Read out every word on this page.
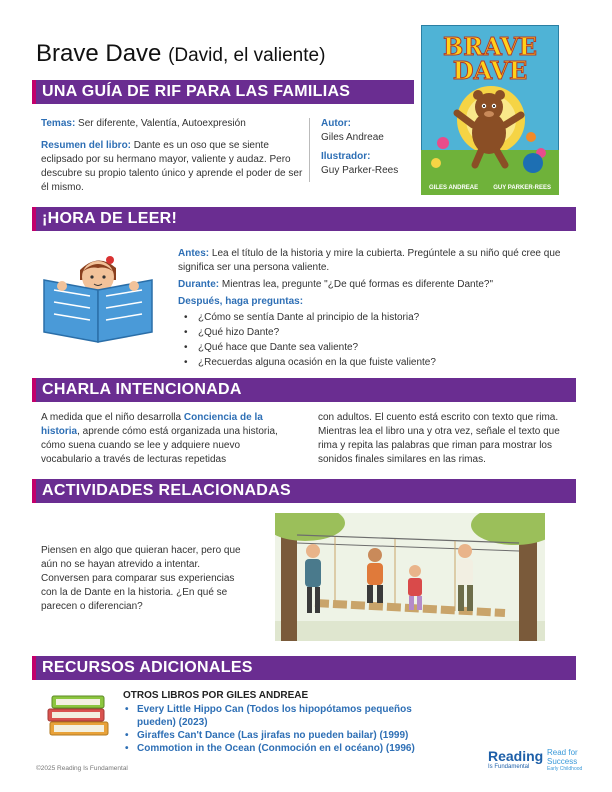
Brave Dave (David, el valiente)	BRAVE
DAVE
GILES ANDREAE	GUY PARKER-REES
UNA GUÍA DE RIF PARA LAS FAMILIAS
Temas: Ser diferente, Valentía, Autoexpresión
Resumen del libro: Dante es un oso que se siente eclipsado por su hermano mayor, valiente y audaz. Pero descubre su propio talento único y aprende el poder de ser él mismo.
Autor:
Giles Andreae
Ilustrador:
Guy Parker-Rees
¡HORA DE LEER!
Antes: Lea el título de la historia y mire la cubierta. Pregúntele a su niño qué cree que significa ser una persona valiente.
Durante: Mientras lea, pregunte "¿De qué formas es diferente Dante?"
Después, haga preguntas:
• ¿Cómo se sentía Dante al principio de la historia?
• ¿Qué hizo Dante?
• ¿Qué hace que Dante sea valiente?
• ¿Recuerdas alguna ocasión en la que fuiste valiente?
CHARLA INTENCIONADA
A medida que el niño desarrolla Conciencia de la historia, aprende cómo está organizada una historia, cómo suena cuando se lee y adquiere nuevo vocabulario a través de lecturas repetidas
con adultos. El cuento está escrito con texto que rima. Mientras lea el libro una y otra vez, señale el texto que rima y repita las palabras que riman para mostrar los sonidos finales similares en las rimas.
ACTIVIDADES RELACIONADAS
Piensen en algo que quieran hacer, pero que aún no se hayan atrevido a intentar. Conversen para comparar sus experiencias con la de Dante en la historia. ¿En qué se parecen o diferencian?
RECURSOS ADICIONALES
OTROS LIBROS POR GILES ANDREAE
• Every Little Hippo Can (Todos los hipopótamos pequeños pueden) (2023)
• Giraffes Can't Dance (Las jirafas no pueden bailar) (1999)
• Commotion in the Ocean (Conmoción en el océano) (1996)
©2025 Reading Is Fundamental
Reading
Is Fundamental
Read for
Success
Early Childhood
